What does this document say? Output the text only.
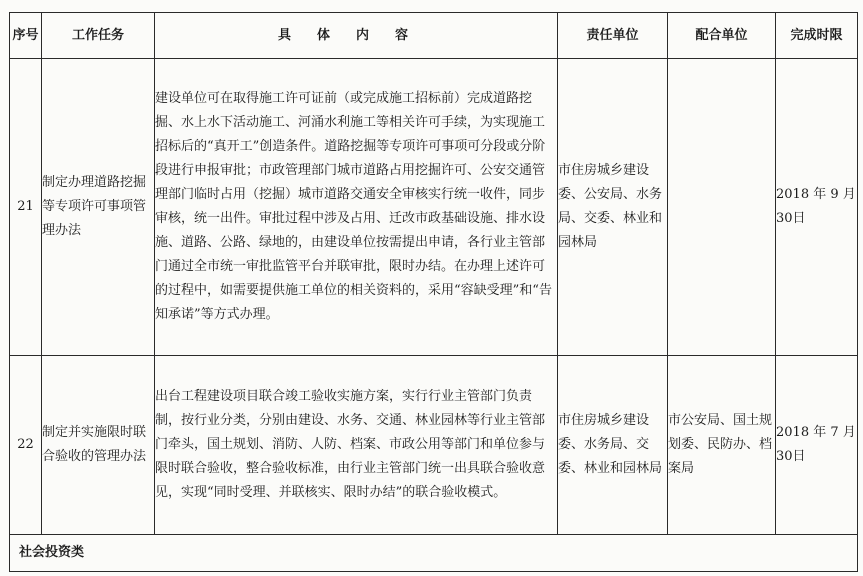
序号	工作任务	具体内容	责任单位	配合单位	完成时限
21	制定办理道路挖掘等专项许可事项管理办法	建设单位可在取得施工许可证前（或完成施工招标前）完成道路挖掘、水上水下活动施工、河涌水利施工等相关许可手续，为实现施工招标后的“真开工”创造条件。道路挖掘等专项许可事项可分段或分阶段进行申报审批；市政管理部门城市道路占用挖掘许可、公安交通管理部门临时占用（挖掘）城市道路交通安全审核实行统一收件，同步审核，统一出件。审批过程中涉及占用、迁改市政基础设施、排水设施、道路、公路、绿地的，由建设单位按需提出申请，各行业主管部门通过全市统一审批监管平台并联审批，限时办结。在办理上述许可的过程中，如需要提供施工单位的相关资料的，采用“容缺受理”和“告知承诺”等方式办理。	市住房城乡建设委、公安局、水务局、交委、林业和园林局		2018 年 9 月30日
22	制定并实施限时联合验收的管理办法	出台工程建设项目联合竣工验收实施方案，实行行业主管部门负责制，按行业分类，分别由建设、水务、交通、林业园林等行业主管部门牵头，国土规划、消防、人防、档案、市政公用等部门和单位参与限时联合验收，整合验收标准，由行业主管部门统一出具联合验收意见，实现“同时受理、并联核实、限时办结”的联合验收模式。	市住房城乡建设委、水务局、交委、林业和园林局	市公安局、国土规划委、民防办、档案局	2018 年 7 月30日
社会投资类					
